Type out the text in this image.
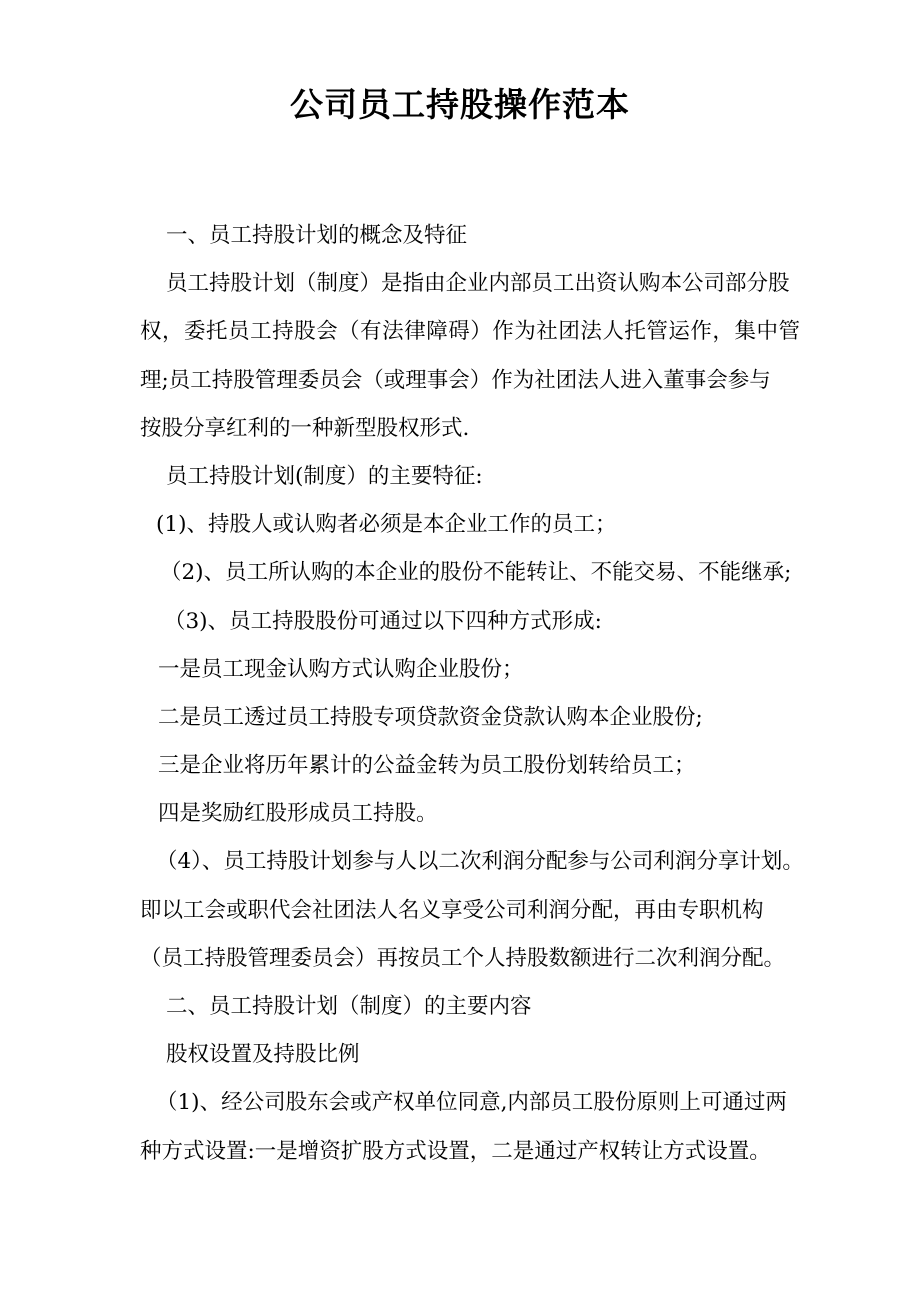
公司员工持股操作范本

一、员工持股计划的概念及特征

员工持股计划（制度）是指由企业内部员工出资认购本公司部分股

权，委托员工持股会（有法律障碍）作为社团法人托管运作，集中管

理;员工持股管理委员会（或理事会）作为社团法人进入董事会参与

按股分享红利的一种新型股权形式.

员工持股计划(制度）的主要特征:

(1)、持股人或认购者必须是本企业工作的员工；

（2)、员工所认购的本企业的股份不能转让、不能交易、不能继承;

（3)、员工持股股份可通过以下四种方式形成:

一是员工现金认购方式认购企业股份；

二是员工透过员工持股专项贷款资金贷款认购本企业股份;

三是企业将历年累计的公益金转为员工股份划转给员工；

四是奖励红股形成员工持股。

（4）、员工持股计划参与人以二次利润分配参与公司利润分享计划。

即以工会或职代会社团法人名义享受公司利润分配，再由专职机构

（员工持股管理委员会）再按员工个人持股数额进行二次利润分配。

二、员工持股计划（制度）的主要内容

股权设置及持股比例

（1)、经公司股东会或产权单位同意,内部员工股份原则上可通过两

种方式设置:一是增资扩股方式设置，二是通过产权转让方式设置。
